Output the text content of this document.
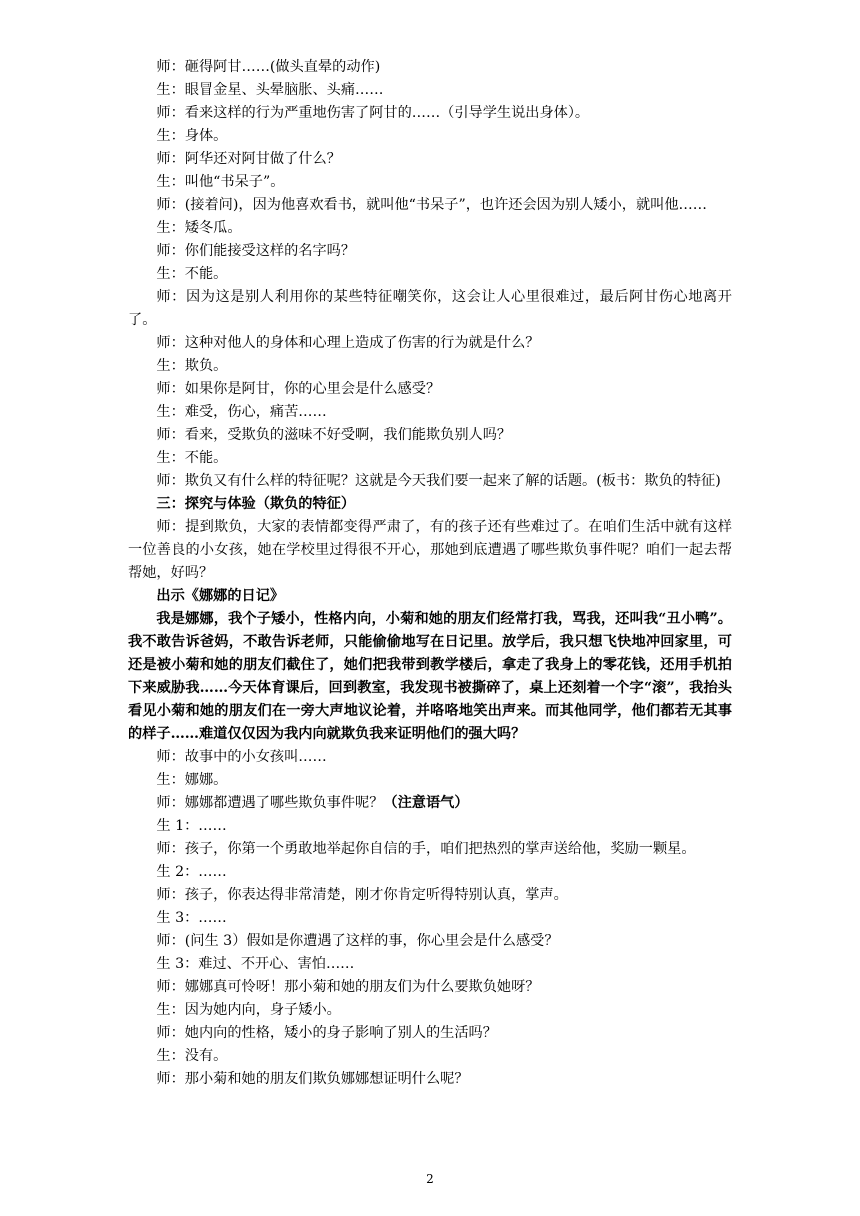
师：砸得阿甘……(做头直晕的动作)

生：眼冒金星、头晕脑胀、头痛……

师：看来这样的行为严重地伤害了阿甘的……（引导学生说出身体）。

生：身体。

师：阿华还对阿甘做了什么？

生：叫他“书呆子”。

师：(接着问)，因为他喜欢看书，就叫他“书呆子”，也许还会因为别人矮小，就叫他……

生：矮冬瓜。

师：你们能接受这样的名字吗？

生：不能。

师：因为这是别人利用你的某些特征嘲笑你，这会让人心里很难过，最后阿甘伤心地离开了。

师：这种对他人的身体和心理上造成了伤害的行为就是什么？

生：欺负。

师：如果你是阿甘，你的心里会是什么感受？

生：难受，伤心，痛苦……

师：看来，受欺负的滋味不好受啊，我们能欺负别人吗？

生：不能。

师：欺负又有什么样的特征呢？这就是今天我们要一起来了解的话题。(板书：欺负的特征)

三：探究与体验（欺负的特征）

师：提到欺负，大家的表情都变得严肃了，有的孩子还有些难过了。在咱们生活中就有这样一位善良的小女孩，她在学校里过得很不开心，那她到底遭遇了哪些欺负事件呢？咱们一起去帮帮她，好吗？

出示《娜娜的日记》

我是娜娜，我个子矮小，性格内向，小菊和她的朋友们经常打我，骂我，还叫我“丑小鸭”。我不敢告诉爸妈，不敢告诉老师，只能偷偷地写在日记里。放学后，我只想飞快地冲回家里，可还是被小菊和她的朋友们截住了，她们把我带到教学楼后，拿走了我身上的零花钱，还用手机拍下来威胁我……今天体育课后，回到教室，我发现书被撕碎了，桌上还刻着一个字“滚”，我抬头看见小菊和她的朋友们在一旁大声地议论着，并咯咯地笑出声来。而其他同学，他们都若无其事的样子……难道仅仅因为我内向就欺负我来证明他们的强大吗？

师：故事中的小女孩叫……

生：娜娜。

师：娜娜都遭遇了哪些欺负事件呢？（注意语气）

生 1：……

师：孩子，你第一个勇敢地举起你自信的手，咱们把热烈的掌声送给他，奖励一颗星。

生 2：……

师：孩子，你表达得非常清楚，刚才你肯定听得特别认真，掌声。

生 3：……

师：(问生 3）假如是你遭遇了这样的事，你心里会是什么感受？

生 3：难过、不开心、害怕……

师：娜娜真可怜呀！那小菊和她的朋友们为什么要欺负她呀？

生：因为她内向，身子矮小。

师：她内向的性格，矮小的身子影响了别人的生活吗？

生：没有。

师：那小菊和她的朋友们欺负娜娜想证明什么呢？

2
